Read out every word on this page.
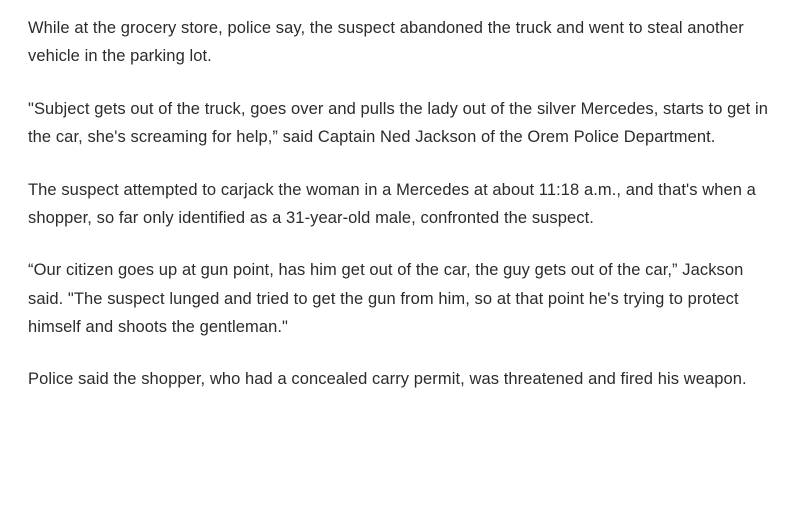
While at the grocery store, police say, the suspect abandoned the truck and went to steal another vehicle in the parking lot.

"Subject gets out of the truck, goes over and pulls the lady out of the silver Mercedes, starts to get in the car, she's screaming for help,” said Captain Ned Jackson of the Orem Police Department.

The suspect attempted to carjack the woman in a Mercedes at about 11:18 a.m., and that's when a shopper, so far only identified as a 31-year-old male, confronted the suspect.

“Our citizen goes up at gun point, has him get out of the car, the guy gets out of the car,” Jackson said. "The suspect lunged and tried to get the gun from him, so at that point he's trying to protect himself and shoots the gentleman."

Police said the shopper, who had a concealed carry permit, was threatened and fired his weapon.
